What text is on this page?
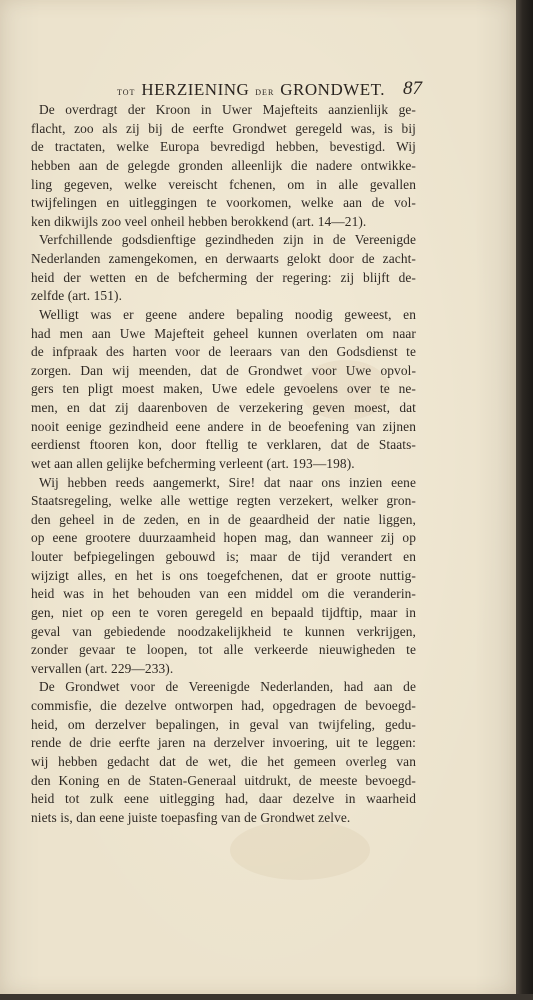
tot HERZIENING der GRONDWET. 87
De overdragt der Kroon in Uwer Majefteits aanzienlijk ge-
flacht, zoo als zij bij de eerfte Grondwet geregeld was, is bij
de tractaten, welke Europa bevredigd hebben, bevestigd. Wij
hebben aan de gelegde gronden alleenlijk die nadere ontwikke-
ling gegeven, welke vereischt fchenen, om in alle gevallen
twijfelingen en uitleggingen te voorkomen, welke aan de vol-
ken dikwijls zoo veel onheil hebben berokkend (art. 14—21).
Verfchillende godsdienftige gezindheden zijn in de Vereenigde
Nederlanden zamengekomen, en derwaarts gelokt door de zacht-
heid der wetten en de befcherming der regering: zij blijft de-
zelfde (art. 151).
Welligt was er geene andere bepaling noodig geweest, en
had men aan Uwe Majefteit geheel kunnen overlaten om naar
de infpraak des harten voor de leeraars van den Godsdienst te
zorgen. Dan wij meenden, dat de Grondwet voor Uwe opvol-
gers ten pligt moest maken, Uwe edele gevoelens over te ne-
men, en dat zij daarenboven de verzekering geven moest, dat
nooit eenige gezindheid eene andere in de beoefening van zijnen
eerdienst ftooren kon, door ftellig te verklaren, dat de Staats-
wet aan allen gelijke befcherming verleent (art. 193—198).
Wij hebben reeds aangemerkt, Sire! dat naar ons inzien eene
Staatsregeling, welke alle wettige regten verzekert, welker gron-
den geheel in de zeden, en in de geaardheid der natie liggen,
op eene grootere duurzaamheid hopen mag, dan wanneer zij op
louter befpiegelingen gebouwd is; maar de tijd verandert en
wijzigt alles, en het is ons toegefchenen, dat er groote nuttig-
heid was in het behouden van een middel om die veranderin-
gen, niet op een te voren geregeld en bepaald tijdftip, maar in
geval van gebiedende noodzakelijkheid te kunnen verkrijgen,
zonder gevaar te loopen, tot alle verkeerde nieuwigheden te
vervallen (art. 229—233).
De Grondwet voor de Vereenigde Nederlanden, had aan de
commisfie, die dezelve ontworpen had, opgedragen de bevoegd-
heid, om derzelver bepalingen, in geval van twijfeling, gedu-
rende de drie eerfte jaren na derzelver invoering, uit te leggen:
wij hebben gedacht dat de wet, die het gemeen overleg van
den Koning en de Staten-Generaal uitdrukt, de meeste bevoegd-
heid tot zulk eene uitlegging had, daar dezelve in waarheid
niets is, dan eene juiste toepasfing van de Grondwet zelve.
